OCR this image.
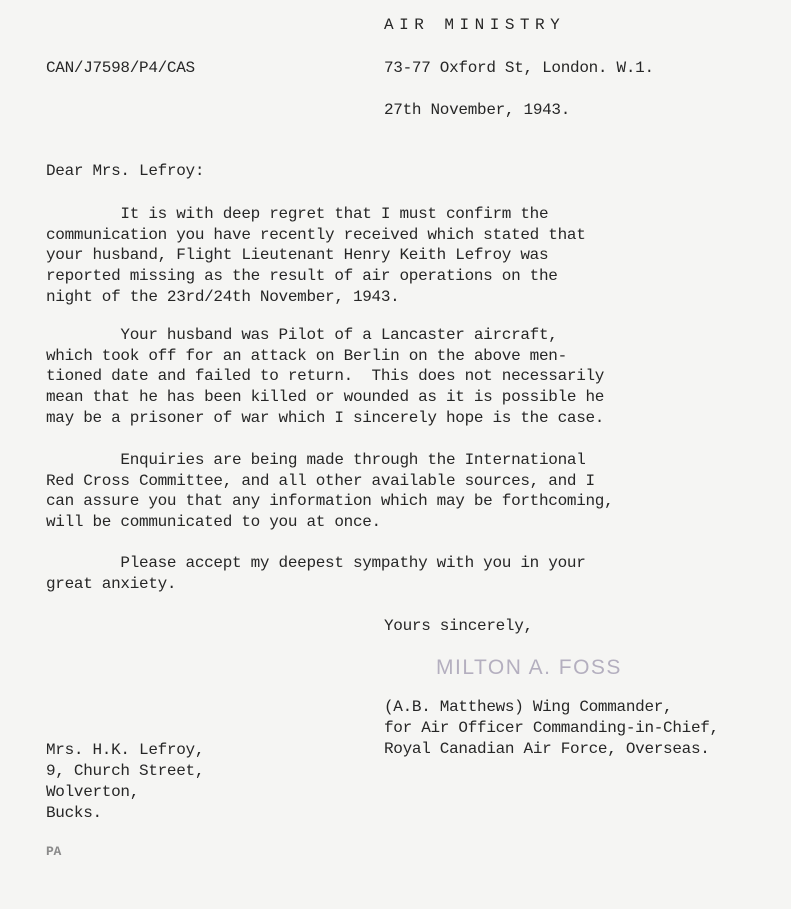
AIR MINISTRY
CAN/J7598/P4/CAS	73-77 Oxford St, London. W.1.
27th November, 1943.
Dear Mrs. Lefroy:
It is with deep regret that I must confirm the
communication you have recently received which stated that
your husband, Flight Lieutenant Henry Keith Lefroy was
reported missing as the result of air operations on the
night of the 23rd/24th November, 1943.
Your husband was Pilot of a Lancaster aircraft,
which took off for an attack on Berlin on the above men-
tioned date and failed to return.  This does not necessarily
mean that he has been killed or wounded as it is possible he
may be a prisoner of war which I sincerely hope is the case.
Enquiries are being made through the International
Red Cross Committee, and all other available sources, and I
can assure you that any information which may be forthcoming,
will be communicated to you at once.
Please accept my deepest sympathy with you in your
great anxiety.
Yours sincerely,
MILTON A. FOSS
(A.B. Matthews) Wing Commander,
for Air Officer Commanding-in-Chief,
Royal Canadian Air Force, Overseas.
Mrs. H.K. Lefroy,
9, Church Street,
Wolverton,
Bucks.
PA
